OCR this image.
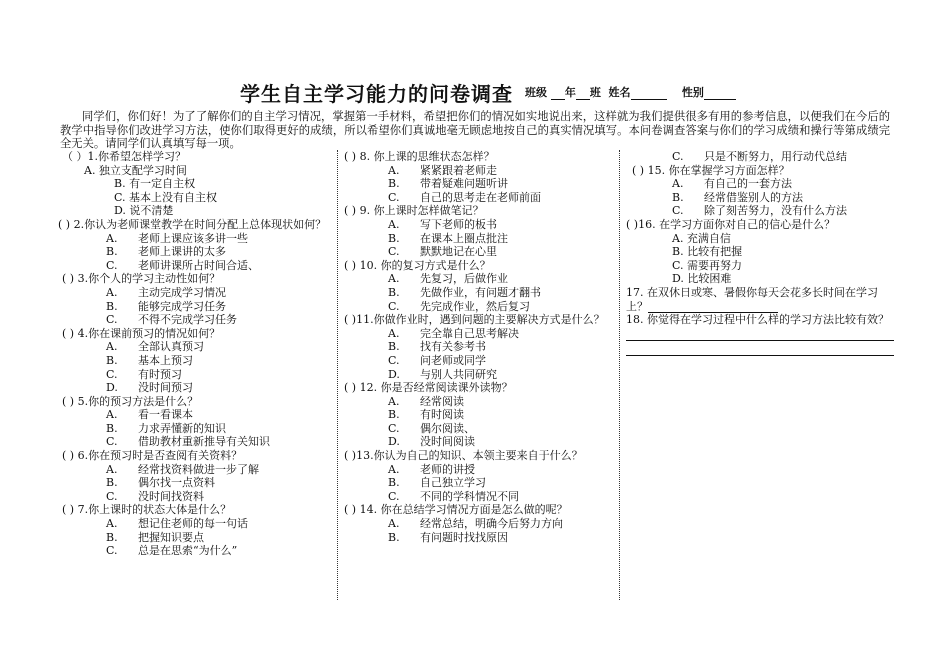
学生自主学习能力的问卷调查 班级 年 班 姓名	性别
同学们，你们好！为了了解你们的自主学习情况，掌握第一手材料，希望把你们的情况如实地说出来，这样就为我们提供很多有用的参考信息，以便我们在今后的教学中指导你们改进学习方法，使你们取得更好的成绩，所以希望你们真诚地毫无顾虑地按自己的真实情况填写。本问卷调查答案与你们的学习成绩和操行等第成绩完全无关。请同学们认真填写每一项。
（ ）1.你希望怎样学习？
A. 独立支配学习时间
B. 有一定自主权
C. 基本上没有自主权
D. 说不清楚
( ) 2.你认为老师课堂教学在时间分配上总体现状如何？
A. 老师上课应该多讲一些
B. 老师上课讲的太多
C. 老师讲课所占时间合适、
( ) 3.你个人的学习主动性如何？
A. 主动完成学习情况
B. 能够完成学习任务
C. 不得不完成学习任务
( ) 4.你在课前预习的情况如何？
A. 全部认真预习
B. 基本上预习
C. 有时预习
D. 没时间预习
( ) 5.你的预习方法是什么？
A. 看一看课本
B. 力求弄懂新的知识
C. 借助教材重新推导有关知识
( ) 6.你在预习时是否查阅有关资料？
A. 经常找资料做进一步了解
B. 偶尔找一点资料
C. 没时间找资料
( ) 7.你上课时的状态大体是什么？
A. 想记住老师的每一句话
B. 把握知识要点
C. 总是在思索“为什么”
( ) 8. 你上课的思维状态怎样？
A. 紧紧跟着老师走
B. 带着疑难问题听讲
C. 自己的思考走在老师前面
( ) 9. 你上课时怎样做笔记？
A. 写下老师的板书
B. 在课本上圈点批注
C. 默默地记在心里
( ) 10. 你的复习方式是什么？
A. 先复习，后做作业
B. 先做作业，有问题才翻书
C. 先完成作业，然后复习
( )11.你做作业时，遇到问题的主要解决方式是什么？
A. 完全靠自己思考解决
B. 找有关参考书
C. 问老师或同学
D. 与别人共同研究
( ) 12. 你是否经常阅读课外读物？
A. 经常阅读
B. 有时阅读
C. 偶尔阅读、
D. 没时间阅读
( )13.你认为自己的知识、本领主要来自于什么？
A. 老师的讲授
B. 自己独立学习
C. 不同的学科情况不同
( ) 14. 你在总结学习情况方面是怎么做的呢？
A. 经常总结，明确今后努力方向
B. 有问题时找找原因
C. 只是不断努力，用行动代总结
( ) 15. 你在掌握学习方面怎样？
A. 有自己的一套方法
B. 经常借鉴别人的方法
C. 除了刻苦努力，没有什么方法
( )16. 在学习方面你对自己的信心是什么？
A. 充满自信
B. 比较有把握
C. 需要再努力
D. 比较困难
17. 在双休日或寒、暑假你每天会花多长时间在学习上？
18. 你觉得在学习过程中什么样的学习方法比较有效？
